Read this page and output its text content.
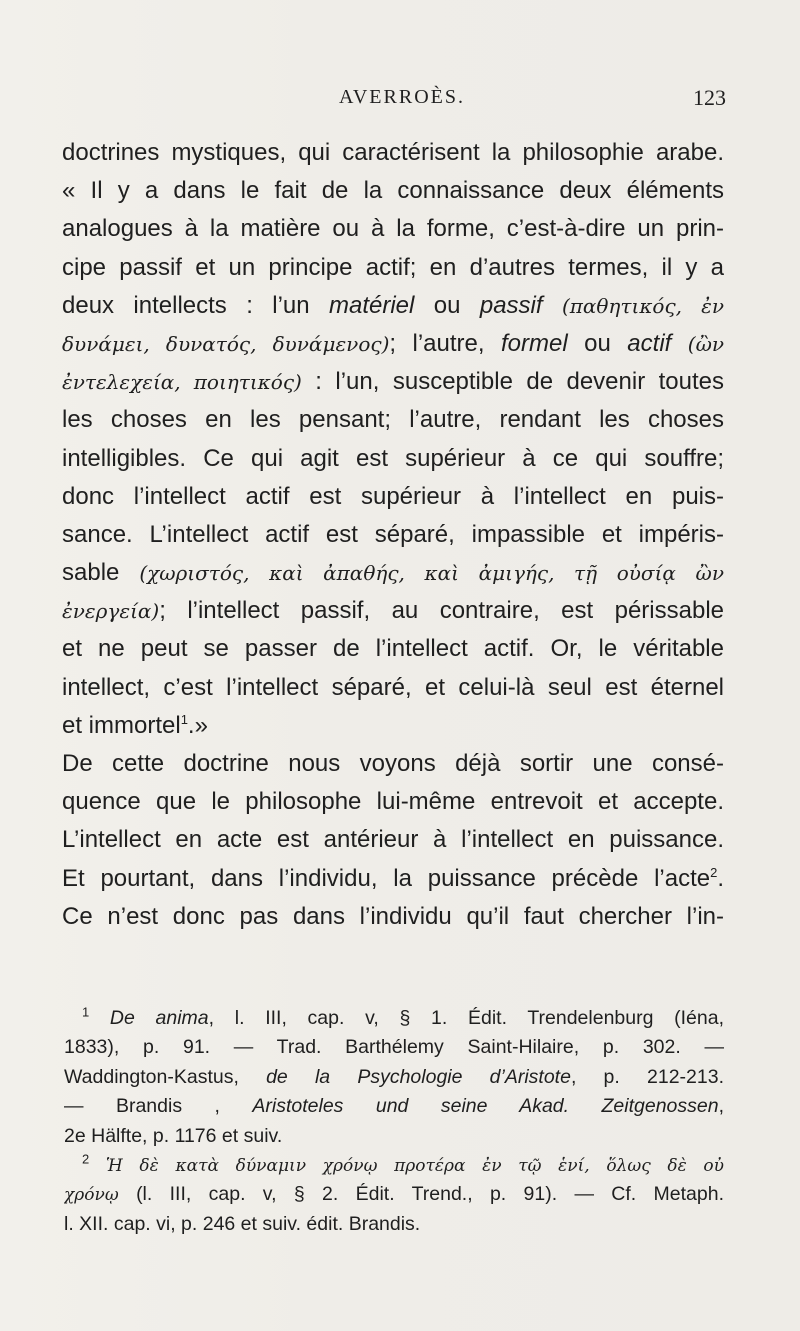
AVERROÈS.	123
doctrines mystiques, qui caractérisent la philosophie arabe.
« Il y a dans le fait de la connaissance deux éléments
analogues à la matière ou à la forme, c’est-à-dire un prin-
cipe passif et un principe actif; en d’autres termes, il y a
deux intellects : l’un matériel ou passif (παθητικός, ἐν
δυνάμει, δυνατός, δυνάμενος); l’autre, formel ou actif (ὢν
ἐντελεχεία, ποιητικός) : l’un, susceptible de devenir toutes
les choses en les pensant; l’autre, rendant les choses
intelligibles. Ce qui agit est supérieur à ce qui souffre;
donc l’intellect actif est supérieur à l’intellect en puis-
sance. L’intellect actif est séparé, impassible et impéris-
sable (χωριστός, καὶ ἀπαθής, καὶ ἀμιγής, τῇ οὐσίᾳ ὢν
ἐνεργεία); l’intellect passif, au contraire, est périssable
et ne peut se passer de l’intellect actif. Or, le véritable
intellect, c’est l’intellect séparé, et celui-là seul est éternel
et immortel$^1$.»
De cette doctrine nous voyons déjà sortir une consé-
quence que le philosophe lui-même entrevoit et accepte.
L’intellect en acte est antérieur à l’intellect en puissance.
Et pourtant, dans l’individu, la puissance précède l’acte$^2$.
Ce n’est donc pas dans l’individu qu’il faut chercher l’in-
$^1$ De anima, l. III, cap. v, § 1. Édit. Trendelenburg (Iéna,
1833), p. 91. — Trad. Barthélemy Saint-Hilaire, p. 302. —
Waddington-Kastus, de la Psychologie d’Aristote, p. 212-213.
— Brandis , Aristoteles und seine Akad. Zeitgenossen,
2e Hälfte, p. 1176 et suiv.
$^2$ Ἡ δὲ κατὰ δύναμιν χρόνῳ προτέρα ἐν τῷ ἑνί, ὅλως δὲ οὐ
χρόνῳ (l. III, cap. v, § 2. Édit. Trend., p. 91). — Cf. Metaph.
l. XII. cap. vi, p. 246 et suiv. édit. Brandis.
